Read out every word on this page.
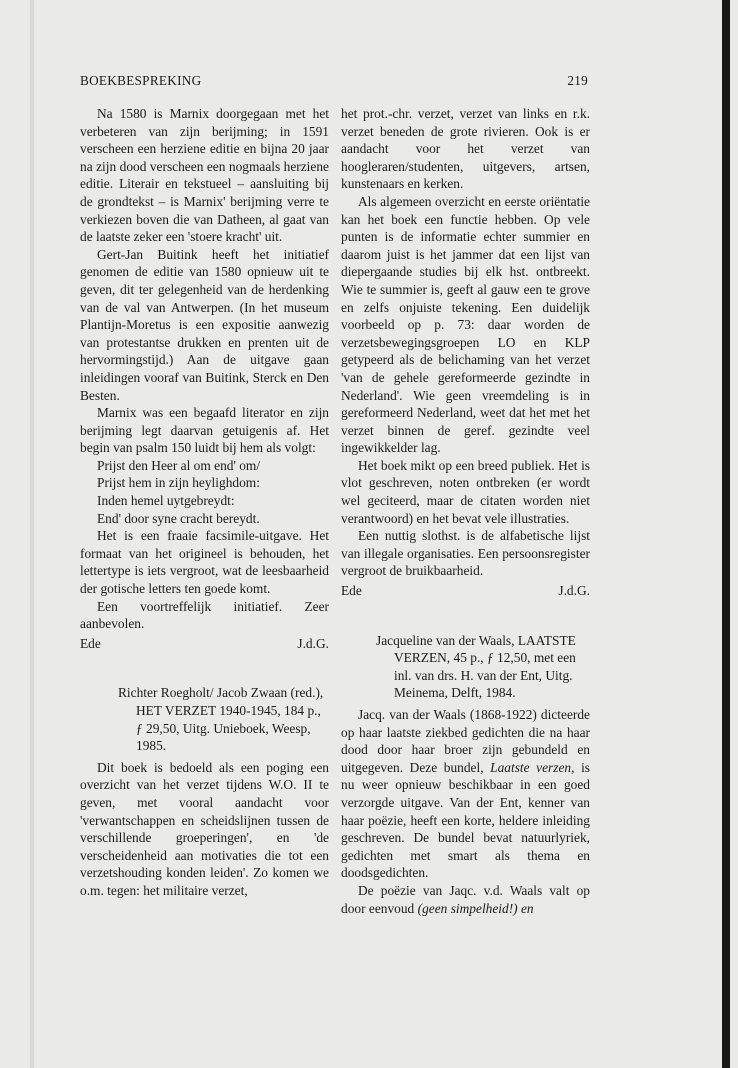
BOEKBESPREKING	219

Na 1580 is Marnix doorgegaan met het verbeteren van zijn berijming; in 1591 verscheen een herziene editie en bijna 20 jaar na zijn dood verscheen een nogmaals herziene editie. Literair en tekstueel – aansluiting bij de grondtekst – is Marnix' berijming verre te verkiezen boven die van Datheen, al gaat van de laatste zeker een 'stoere kracht' uit.

Gert-Jan Buitink heeft het initiatief genomen de editie van 1580 opnieuw uit te geven, dit ter gelegenheid van de herdenking van de val van Antwerpen. (In het museum Plantijn-Moretus is een expositie aanwezig van protestantse drukken en prenten uit de hervormingstijd.) Aan de uitgave gaan inleidingen vooraf van Buitink, Sterck en Den Besten.

Marnix was een begaafd literator en zijn berijming legt daarvan getuigenis af. Het begin van psalm 150 luidt bij hem als volgt:

Prijst den Heer al om end' om/
Prijst hem in zijn heylighdom:
Inden hemel uytgebreydt:
End' door syne cracht bereydt.

Het is een fraaie facsimile-uitgave. Het formaat van het origineel is behouden, het lettertype is iets vergroot, wat de leesbaarheid der gotische letters ten goede komt.

Een voortreffelijk initiatief. Zeer aanbevolen.

Ede	J.d.G.
Richter Roegholt/ Jacob Zwaan (red.), HET VERZET 1940-1945, 184 p., ƒ 29,50, Uitg. Unieboek, Weesp, 1985.

Dit boek is bedoeld als een poging een overzicht van het verzet tijdens W.O. II te geven, met vooral aandacht voor 'verwantschappen en scheidslijnen tussen de verschillende groeperingen', en 'de verscheidenheid aan motivaties die tot een verzetshouding konden leiden'. Zo komen we o.m. tegen: het militaire verzet,

het prot.-chr. verzet, verzet van links en r.k. verzet beneden de grote rivieren. Ook is er aandacht voor het verzet van hoogleraren/studenten, uitgevers, artsen, kunstenaars en kerken.

Als algemeen overzicht en eerste oriëntatie kan het boek een functie hebben. Op vele punten is de informatie echter summier en daarom juist is het jammer dat een lijst van diepergaande studies bij elk hst. ontbreekt. Wie te summier is, geeft al gauw een te grove en zelfs onjuiste tekening. Een duidelijk voorbeeld op p. 73: daar worden de verzetsbewegingsgroepen LO en KLP getypeerd als de belichaming van het verzet 'van de gehele gereformeerde gezindte in Nederland'. Wie geen vreemdeling is in gereformeerd Nederland, weet dat het met het verzet binnen de geref. gezindte veel ingewikkelder lag.

Het boek mikt op een breed publiek. Het is vlot geschreven, noten ontbreken (er wordt wel geciteerd, maar de citaten worden niet verantwoord) en het bevat vele illustraties.

Een nuttig slothst. is de alfabetische lijst van illegale organisaties. Een persoonsregister vergroot de bruikbaarheid.

Ede	J.d.G.
Jacqueline van der Waals, LAATSTE VERZEN, 45 p., ƒ 12,50, met een inl. van drs. H. van der Ent, Uitg. Meinema, Delft, 1984.

Jacq. van der Waals (1868-1922) dicteerde op haar laatste ziekbed gedichten die na haar dood door haar broer zijn gebundeld en uitgegeven. Deze bundel, Laatste verzen, is nu weer opnieuw beschikbaar in een goed verzorgde uitgave. Van der Ent, kenner van haar poëzie, heeft een korte, heldere inleiding geschreven. De bundel bevat natuurlyriek, gedichten met smart als thema en doodsgedichten.

De poëzie van Jaqc. v.d. Waals valt op door eenvoud (geen simpelheid!) en
